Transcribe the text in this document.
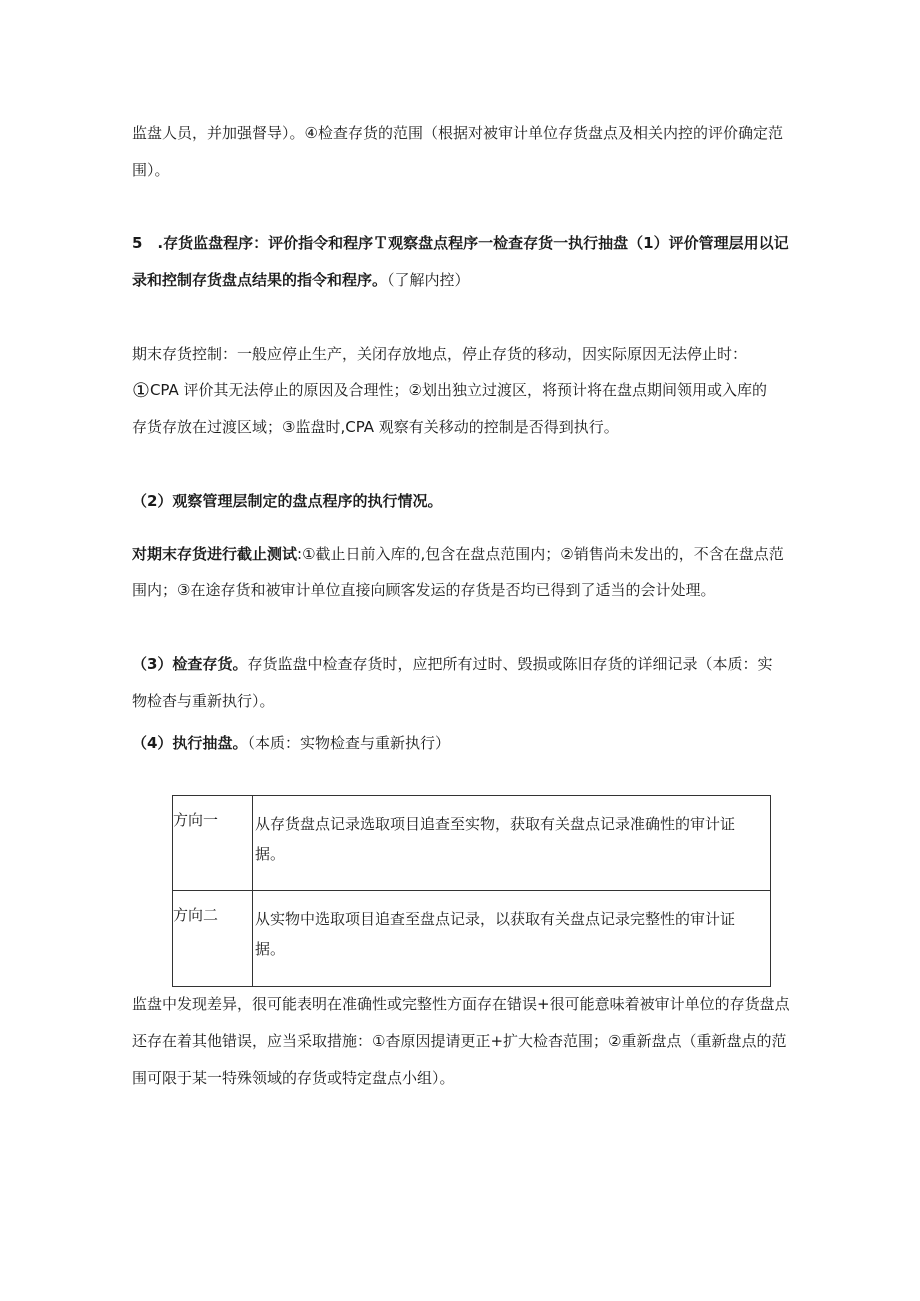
监盘人员，并加强督导）。④检查存货的范围（根据对被审计单位存货盘点及相关内控的评价确定范
围）。
5　.存货监盘程序：评价指令和程序Ｔ观察盘点程序一检查存货一执行抽盘（1）评价管理层用以记
录和控制存货盘点结果的指令和程序。（了解内控）
期末存货控制：一般应停止生产，关闭存放地点，停止存货的移动，因实际原因无法停止时：
①CPA 评价其无法停止的原因及合理性；②划出独立过渡区，将预计将在盘点期间领用或入库的
存货存放在过渡区域；③监盘时,CPA 观察有关移动的控制是否得到执行。
（2）观察管理层制定的盘点程序的执行情况。
对期末存货进行截止测试:①截止日前入库的,包含在盘点范围内；②销售尚未发出的，不含在盘点范
围内；③在途存货和被审计单位直接向顾客发运的存货是否均已得到了适当的会计处理。
（3）检查存货。存货监盘中检查存货时，应把所有过时、毁损或陈旧存货的详细记录（本质：实
物检杳与重新执行）。
（4）执行抽盘。（本质：实物检查与重新执行）
方向一	从存货盘点记录选取项目追查至实物，获取有关盘点记录准确性的审计证
据。

方向二	从实物中选取项目追查至盘点记录，以获取有关盘点记录完整性的审计证
据。
监盘中发现差异，很可能表明在准确性或完整性方面存在错误+很可能意味着被审计单位的存货盘点
还存在着其他错误，应当采取措施：①杳原因提请更正+扩大检杳范围；②重新盘点（重新盘点的范
围可限于某一特殊领域的存货或特定盘点小组）。
